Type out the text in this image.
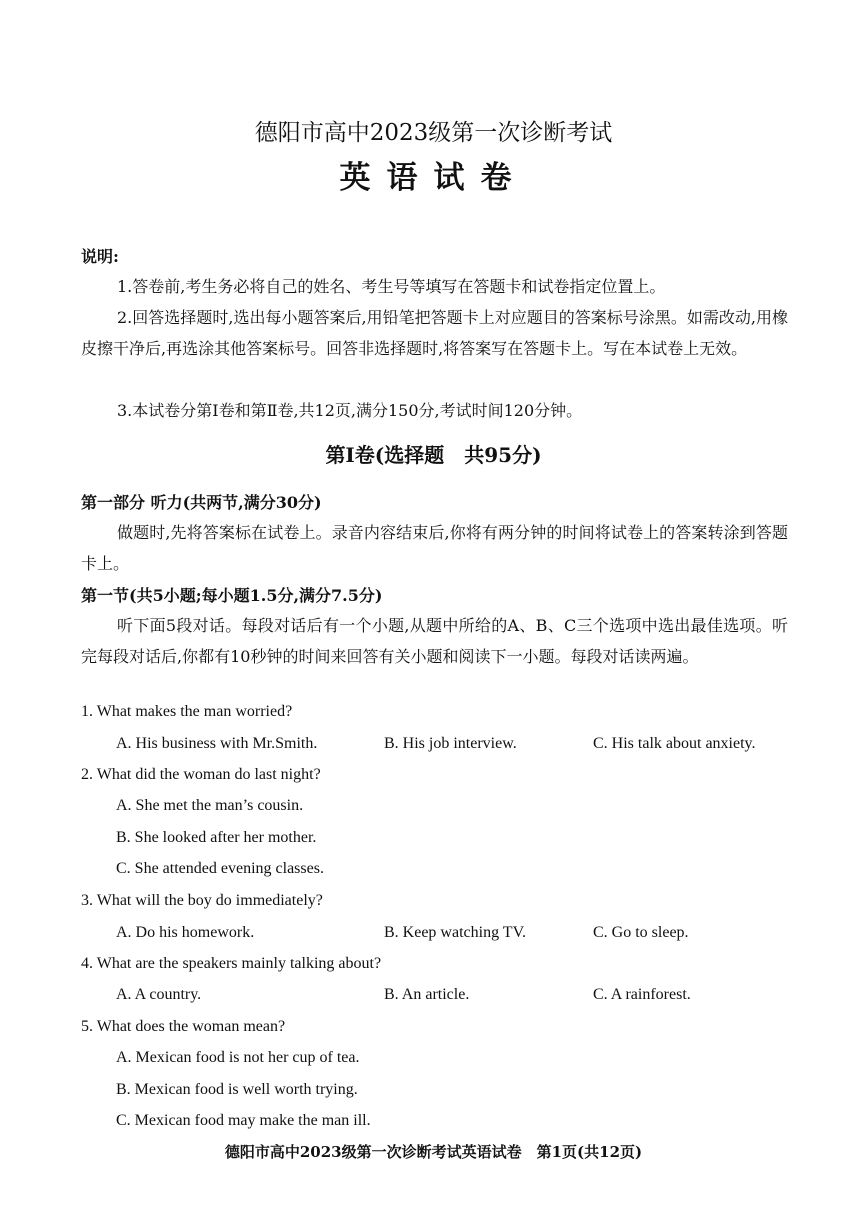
德阳市高中2023级第一次诊断考试
英语试卷
说明:

1.答卷前,考生务必将自己的姓名、考生号等填写在答题卡和试卷指定位置上。

2.回答选择题时,选出每小题答案后,用铅笔把答题卡上对应题目的答案标号涂黑。如需改动,用橡皮擦干净后,再选涂其他答案标号。回答非选择题时,将答案写在答题卡上。写在本试卷上无效。

3.本试卷分第Ⅰ卷和第Ⅱ卷,共12页,满分150分,考试时间120分钟。

第Ⅰ卷(选择题　共95分)
第一部分 听力(共两节,满分30分)

做题时,先将答案标在试卷上。录音内容结束后,你将有两分钟的时间将试卷上的答案转涂到答题卡上。

第一节(共5小题;每小题1.5分,满分7.5分)

听下面5段对话。每段对话后有一个小题,从题中所给的A、B、C三个选项中选出最佳选项。听完每段对话后,你都有10秒钟的时间来回答有关小题和阅读下一小题。每段对话读两遍。

1. What makes the man worried?
A. His business with Mr.Smith.	B. His job interview.	C. His talk about anxiety.
2. What did the woman do last night?
A. She met the man’s cousin.
B. She looked after her mother.
C. She attended evening classes.
3. What will the boy do immediately?
A. Do his homework.	B. Keep watching TV.	C. Go to sleep.
4. What are the speakers mainly talking about?
A. A country.	B. An article.	C. A rainforest.
5. What does the woman mean?
A. Mexican food is not her cup of tea.
B. Mexican food is well worth trying.
C. Mexican food may make the man ill.
德阳市高中2023级第一次诊断考试英语试卷　第1页(共12页)
